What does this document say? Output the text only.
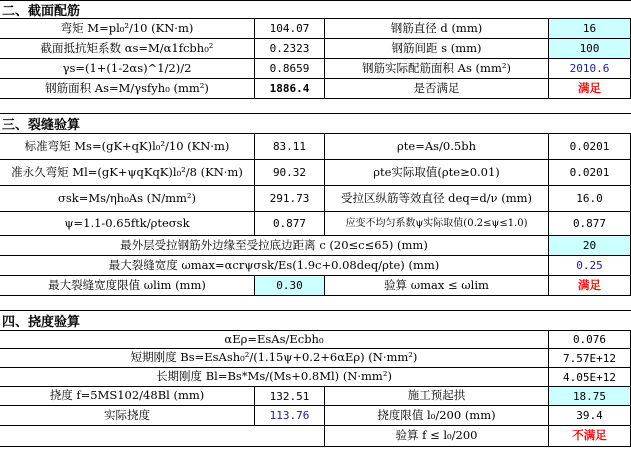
二、截面配筋
弯矩 M=pl₀²/10 (KN·m)	104.07	钢筋直径 d (mm)	16
截面抵抗矩系数 αs=M/α1fcbh₀²	0.2323	钢筋间距 s (mm)	100
γs=(1+(1-2αs)^1/2)/2	0.8659	钢筋实际配筋面积 As (mm²)	2010.6
钢筋面积 As=M/γsfyh₀ (mm²)	1886.4	是否满足	满足
三、裂缝验算
标准弯矩 Ms=(gK+qK)l₀²/10 (KN·m)	83.11	ρte=As/0.5bh	0.0201
准永久弯矩 Ml=(gK+ψqKqK)l₀²/8 (KN·m)	90.32	ρte实际取值(ρte≥0.01)	0.0201
σsk=Ms/ηh₀As (N/mm²)	291.73	受拉区纵筋等效直径 deq=d/ν (mm)	16.0
ψ=1.1-0.65ftk/ρteσsk	0.877	应变不均匀系数ψ实际取值(0.2≤ψ≤1.0)	0.877
最外层受拉钢筋外边缘至受拉底边距离 c (20≤c≤65) (mm)	20
最大裂缝宽度 ωmax=αcrψσsk/Es(1.9c+0.08deq/ρte) (mm)	0.25
最大裂缝宽度限值 ωlim (mm)	0.30	验算 ωmax ≤ ωlim	满足
四、挠度验算
αEρ=EsAs/Ecbh₀	0.076
短期刚度 Bs=EsAsh₀²/(1.15ψ+0.2+6αEρ) (N·mm²)	7.57E+12
长期刚度 Bl=Bs*Ms/(Ms+0.8Ml) (N·mm²)	4.05E+12
挠度 f=5MS102/48Bl (mm)	132.51	施工预起拱	18.75
实际挠度	113.76	挠度限值 l₀/200 (mm)	39.4
验算 f ≤ l₀/200	不满足
